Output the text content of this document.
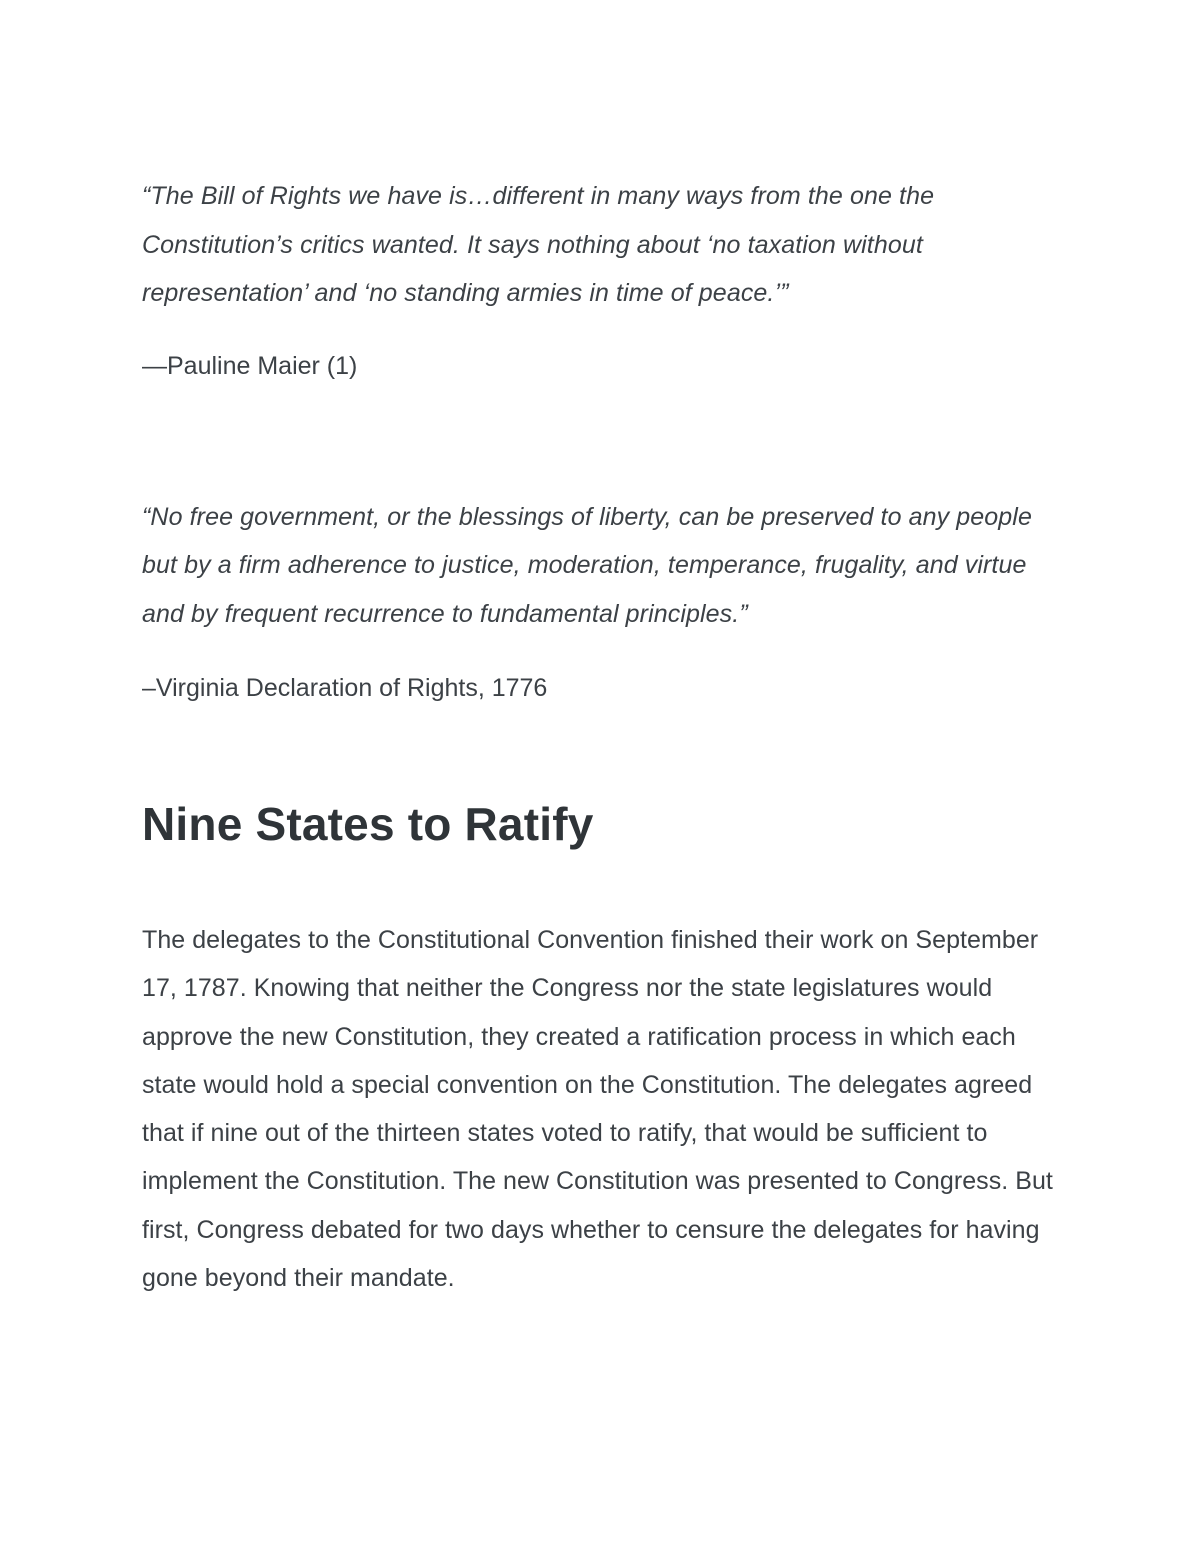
“The Bill of Rights we have is…different in many ways from the one the Constitution’s critics wanted. It says nothing about ‘no taxation without representation’ and ‘no standing armies in time of peace.’”

—Pauline Maier (1)

“No free government, or the blessings of liberty, can be preserved to any people but by a firm adherence to justice, moderation, temperance, frugality, and virtue and by frequent recurrence to fundamental principles.”

–Virginia Declaration of Rights, 1776

Nine States to Ratify

The delegates to the Constitutional Convention finished their work on September 17, 1787. Knowing that neither the Congress nor the state legislatures would approve the new Constitution, they created a ratification process in which each state would hold a special convention on the Constitution. The delegates agreed that if nine out of the thirteen states voted to ratify, that would be sufficient to implement the Constitution. The new Constitution was presented to Congress. But first, Congress debated for two days whether to censure the delegates for having gone beyond their mandate.
